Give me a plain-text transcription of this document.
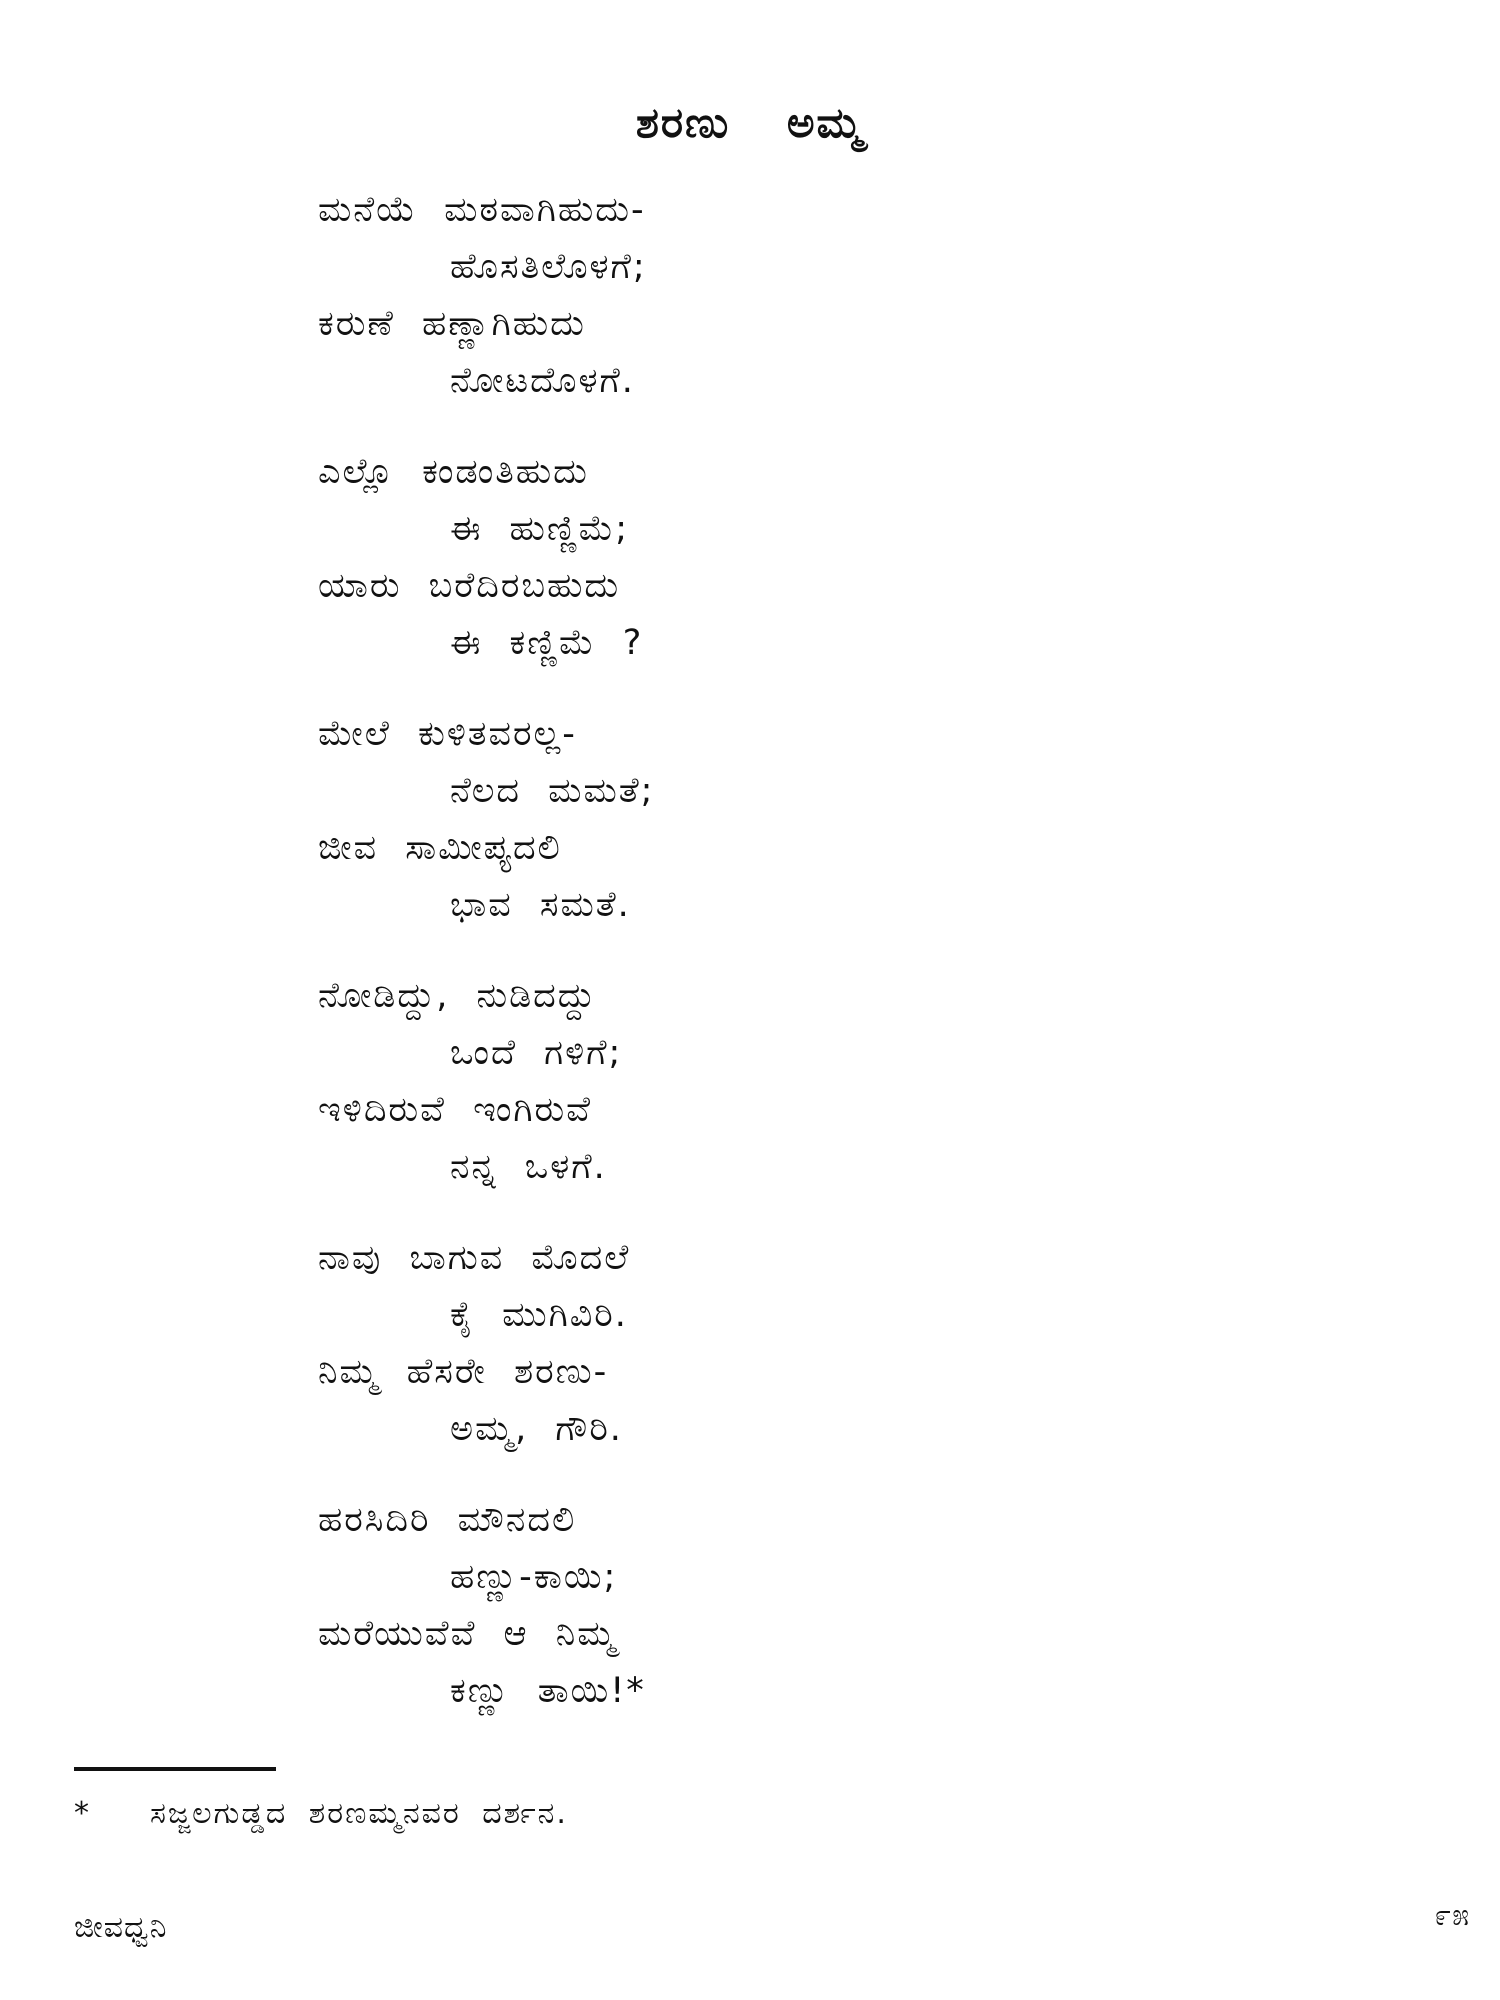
ಶರಣು ಅಮ್ಮ
ಮನೆಯೆ ಮಠವಾಗಿಹುದು-
ಹೊಸತಿಲೊಳಗೆ;
ಕರುಣೆ ಹಣ್ಣಾಗಿಹುದು
ನೋಟದೊಳಗೆ.
ಎಲ್ಲೊ ಕಂಡಂತಿಹುದು
ಈ ಹುಣ್ಣಿಮೆ;
ಯಾರು ಬರೆದಿರಬಹುದು
ಈ ಕಣ್ಣಿಮೆ ?
ಮೇಲೆ ಕುಳಿತವರಲ್ಲ-
ನೆಲದ ಮಮತೆ;
ಜೀವ ಸಾಮೀಪ್ಯದಲಿ
ಭಾವ ಸಮತೆ.
ನೋಡಿದ್ದು, ನುಡಿದದ್ದು
ಒಂದೆ ಗಳಿಗೆ;
ಇಳಿದಿರುವೆ ಇಂಗಿರುವೆ
ನನ್ನ ಒಳಗೆ.
ನಾವು ಬಾಗುವ ಮೊದಲೆ
ಕೈ ಮುಗಿವಿರಿ.
ನಿಮ್ಮ ಹೆಸರೇ ಶರಣು-
ಅಮ್ಮ, ಗೌರಿ.
ಹರಸಿದಿರಿ ಮೌನದಲಿ
ಹಣ್ಣು-ಕಾಯಿ;
ಮರೆಯುವೆವೆ ಆ ನಿಮ್ಮ
ಕಣ್ಣು ತಾಯಿ!*
* ಸಜ್ಜಲಗುಡ್ಡದ ಶರಣಮ್ಮನವರ ದರ್ಶನ.
ಜೀವಧ್ವನಿ	೯೫
